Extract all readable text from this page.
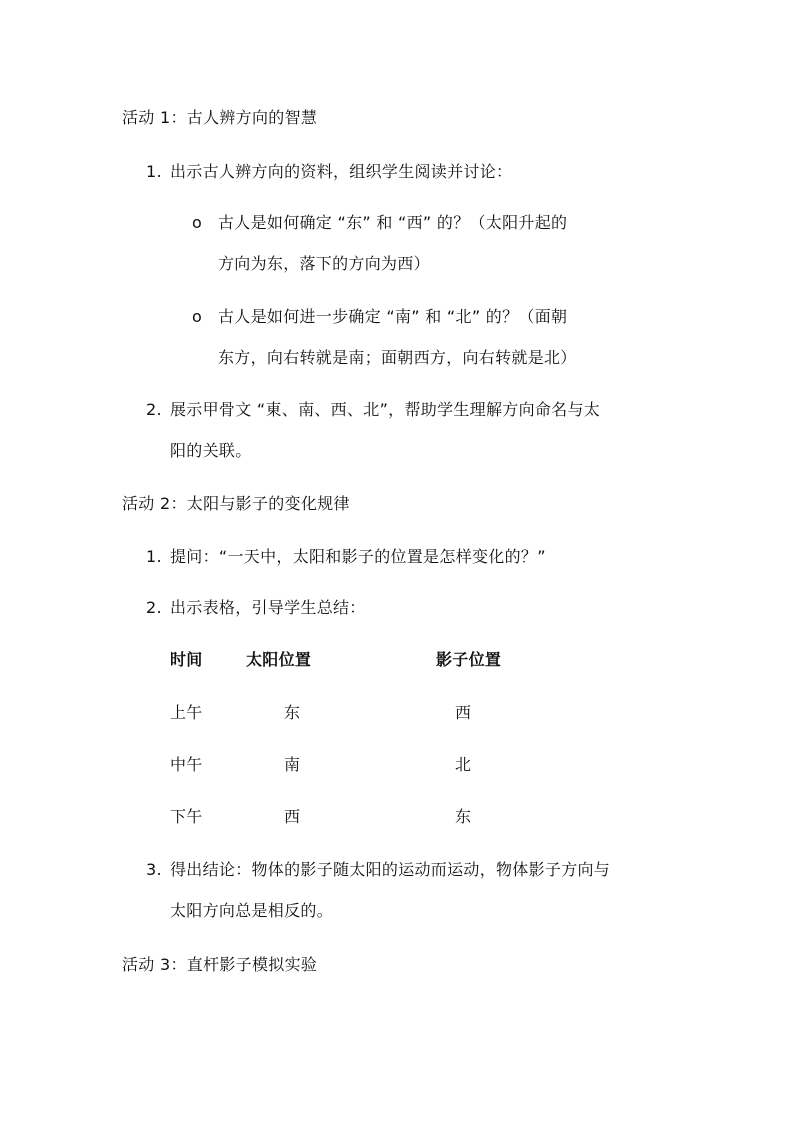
活动 1：古人辨方向的智慧
1. 出示古人辨方向的资料，组织学生阅读并讨论：
o 古人是如何确定 “东” 和 “西” 的？（太阳升起的
方向为东，落下的方向为西）
o 古人是如何进一步确定 “南” 和 “北” 的？（面朝
东方，向右转就是南；面朝西方，向右转就是北）
2. 展示甲骨文 “東、南、西、北”，帮助学生理解方向命名与太
阳的关联。
活动 2：太阳与影子的变化规律
1. 提问：“一天中，太阳和影子的位置是怎样变化的？”
2. 出示表格，引导学生总结：
时间	太阳位置	影子位置
上午	东	西
中午	南	北
下午	西	东
3. 得出结论：物体的影子随太阳的运动而运动，物体影子方向与
太阳方向总是相反的。
活动 3：直杆影子模拟实验
